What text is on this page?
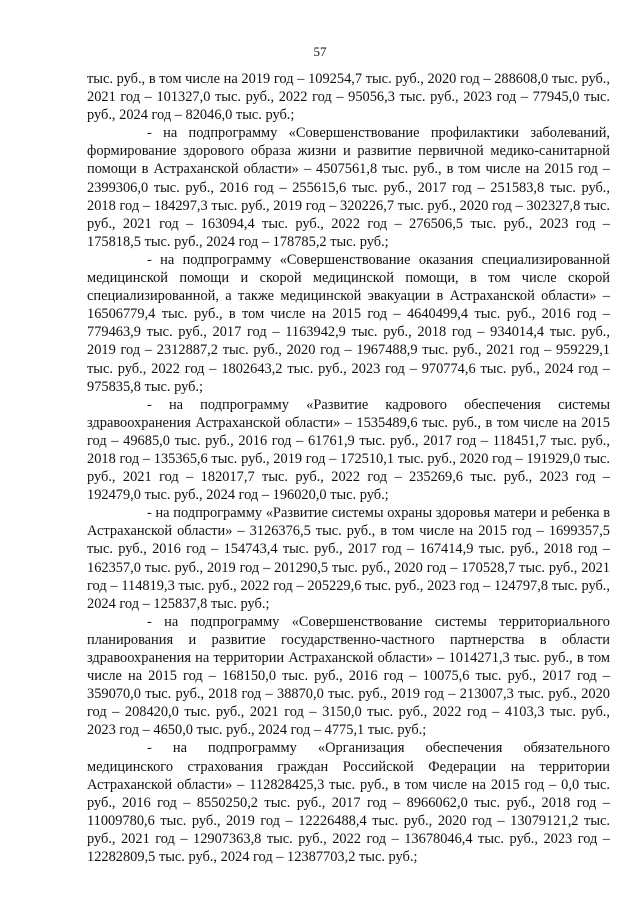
57

тыс. руб., в том числе на 2019 год – 109254,7 тыс. руб., 2020 год – 288608,0 тыс. руб., 2021 год – 101327,0 тыс. руб., 2022 год – 95056,3 тыс. руб., 2023 год – 77945,0 тыс. руб., 2024 год – 82046,0 тыс. руб.;

- на подпрограмму «Совершенствование профилактики заболеваний, формирование здорового образа жизни и развитие первичной медико-санитарной помощи в Астраханской области» – 4507561,8 тыс. руб., в том числе на 2015 год – 2399306,0 тыс. руб., 2016 год – 255615,6 тыс. руб., 2017 год – 251583,8 тыс. руб., 2018 год – 184297,3 тыс. руб., 2019 год – 320226,7 тыс. руб., 2020 год – 302327,8 тыс. руб., 2021 год – 163094,4 тыс. руб., 2022 год – 276506,5 тыс. руб., 2023 год – 175818,5 тыс. руб., 2024 год – 178785,2 тыс. руб.;

- на подпрограмму «Совершенствование оказания специализированной медицинской помощи и скорой медицинской помощи, в том числе скорой специализированной, а также медицинской эвакуации в Астраханской области» – 16506779,4 тыс. руб., в том числе на 2015 год – 4640499,4 тыс. руб., 2016 год – 779463,9 тыс. руб., 2017 год – 1163942,9 тыс. руб., 2018 год – 934014,4 тыс. руб., 2019 год – 2312887,2 тыс. руб., 2020 год – 1967488,9 тыс. руб., 2021 год – 959229,1 тыс. руб., 2022 год – 1802643,2 тыс. руб., 2023 год – 970774,6 тыс. руб., 2024 год – 975835,8 тыс. руб.;

- на подпрограмму «Развитие кадрового обеспечения системы здравоохранения Астраханской области» – 1535489,6 тыс. руб., в том числе на 2015 год – 49685,0 тыс. руб., 2016 год – 61761,9 тыс. руб., 2017 год – 118451,7 тыс. руб., 2018 год – 135365,6 тыс. руб., 2019 год – 172510,1 тыс. руб., 2020 год – 191929,0 тыс. руб., 2021 год – 182017,7 тыс. руб., 2022 год – 235269,6 тыс. руб., 2023 год – 192479,0 тыс. руб., 2024 год – 196020,0 тыс. руб.;

- на подпрограмму «Развитие системы охраны здоровья матери и ребенка в Астраханской области» – 3126376,5 тыс. руб., в том числе на 2015 год – 1699357,5 тыс. руб., 2016 год – 154743,4 тыс. руб., 2017 год – 167414,9 тыс. руб., 2018 год – 162357,0 тыс. руб., 2019 год – 201290,5 тыс. руб., 2020 год – 170528,7 тыс. руб., 2021 год – 114819,3 тыс. руб., 2022 год – 205229,6 тыс. руб., 2023 год – 124797,8 тыс. руб., 2024 год – 125837,8 тыс. руб.;

- на подпрограмму «Совершенствование системы территориального планирования и развитие государственно-частного партнерства в области здравоохранения на территории Астраханской области» – 1014271,3 тыс. руб., в том числе на 2015 год – 168150,0 тыс. руб., 2016 год – 10075,6 тыс. руб., 2017 год – 359070,0 тыс. руб., 2018 год – 38870,0 тыс. руб., 2019 год – 213007,3 тыс. руб., 2020 год – 208420,0 тыс. руб., 2021 год – 3150,0 тыс. руб., 2022 год – 4103,3 тыс. руб., 2023 год – 4650,0 тыс. руб., 2024 год – 4775,1 тыс. руб.;

- на подпрограмму «Организация обеспечения обязательного медицинского страхования граждан Российской Федерации на территории Астраханской области» – 112828425,3 тыс. руб., в том числе на 2015 год – 0,0 тыс. руб., 2016 год – 8550250,2 тыс. руб., 2017 год – 8966062,0 тыс. руб., 2018 год – 11009780,6 тыс. руб., 2019 год – 12226488,4 тыс. руб., 2020 год – 13079121,2 тыс. руб., 2021 год – 12907363,8 тыс. руб., 2022 год – 13678046,4 тыс. руб., 2023 год – 12282809,5 тыс. руб., 2024 год – 12387703,2 тыс. руб.;
